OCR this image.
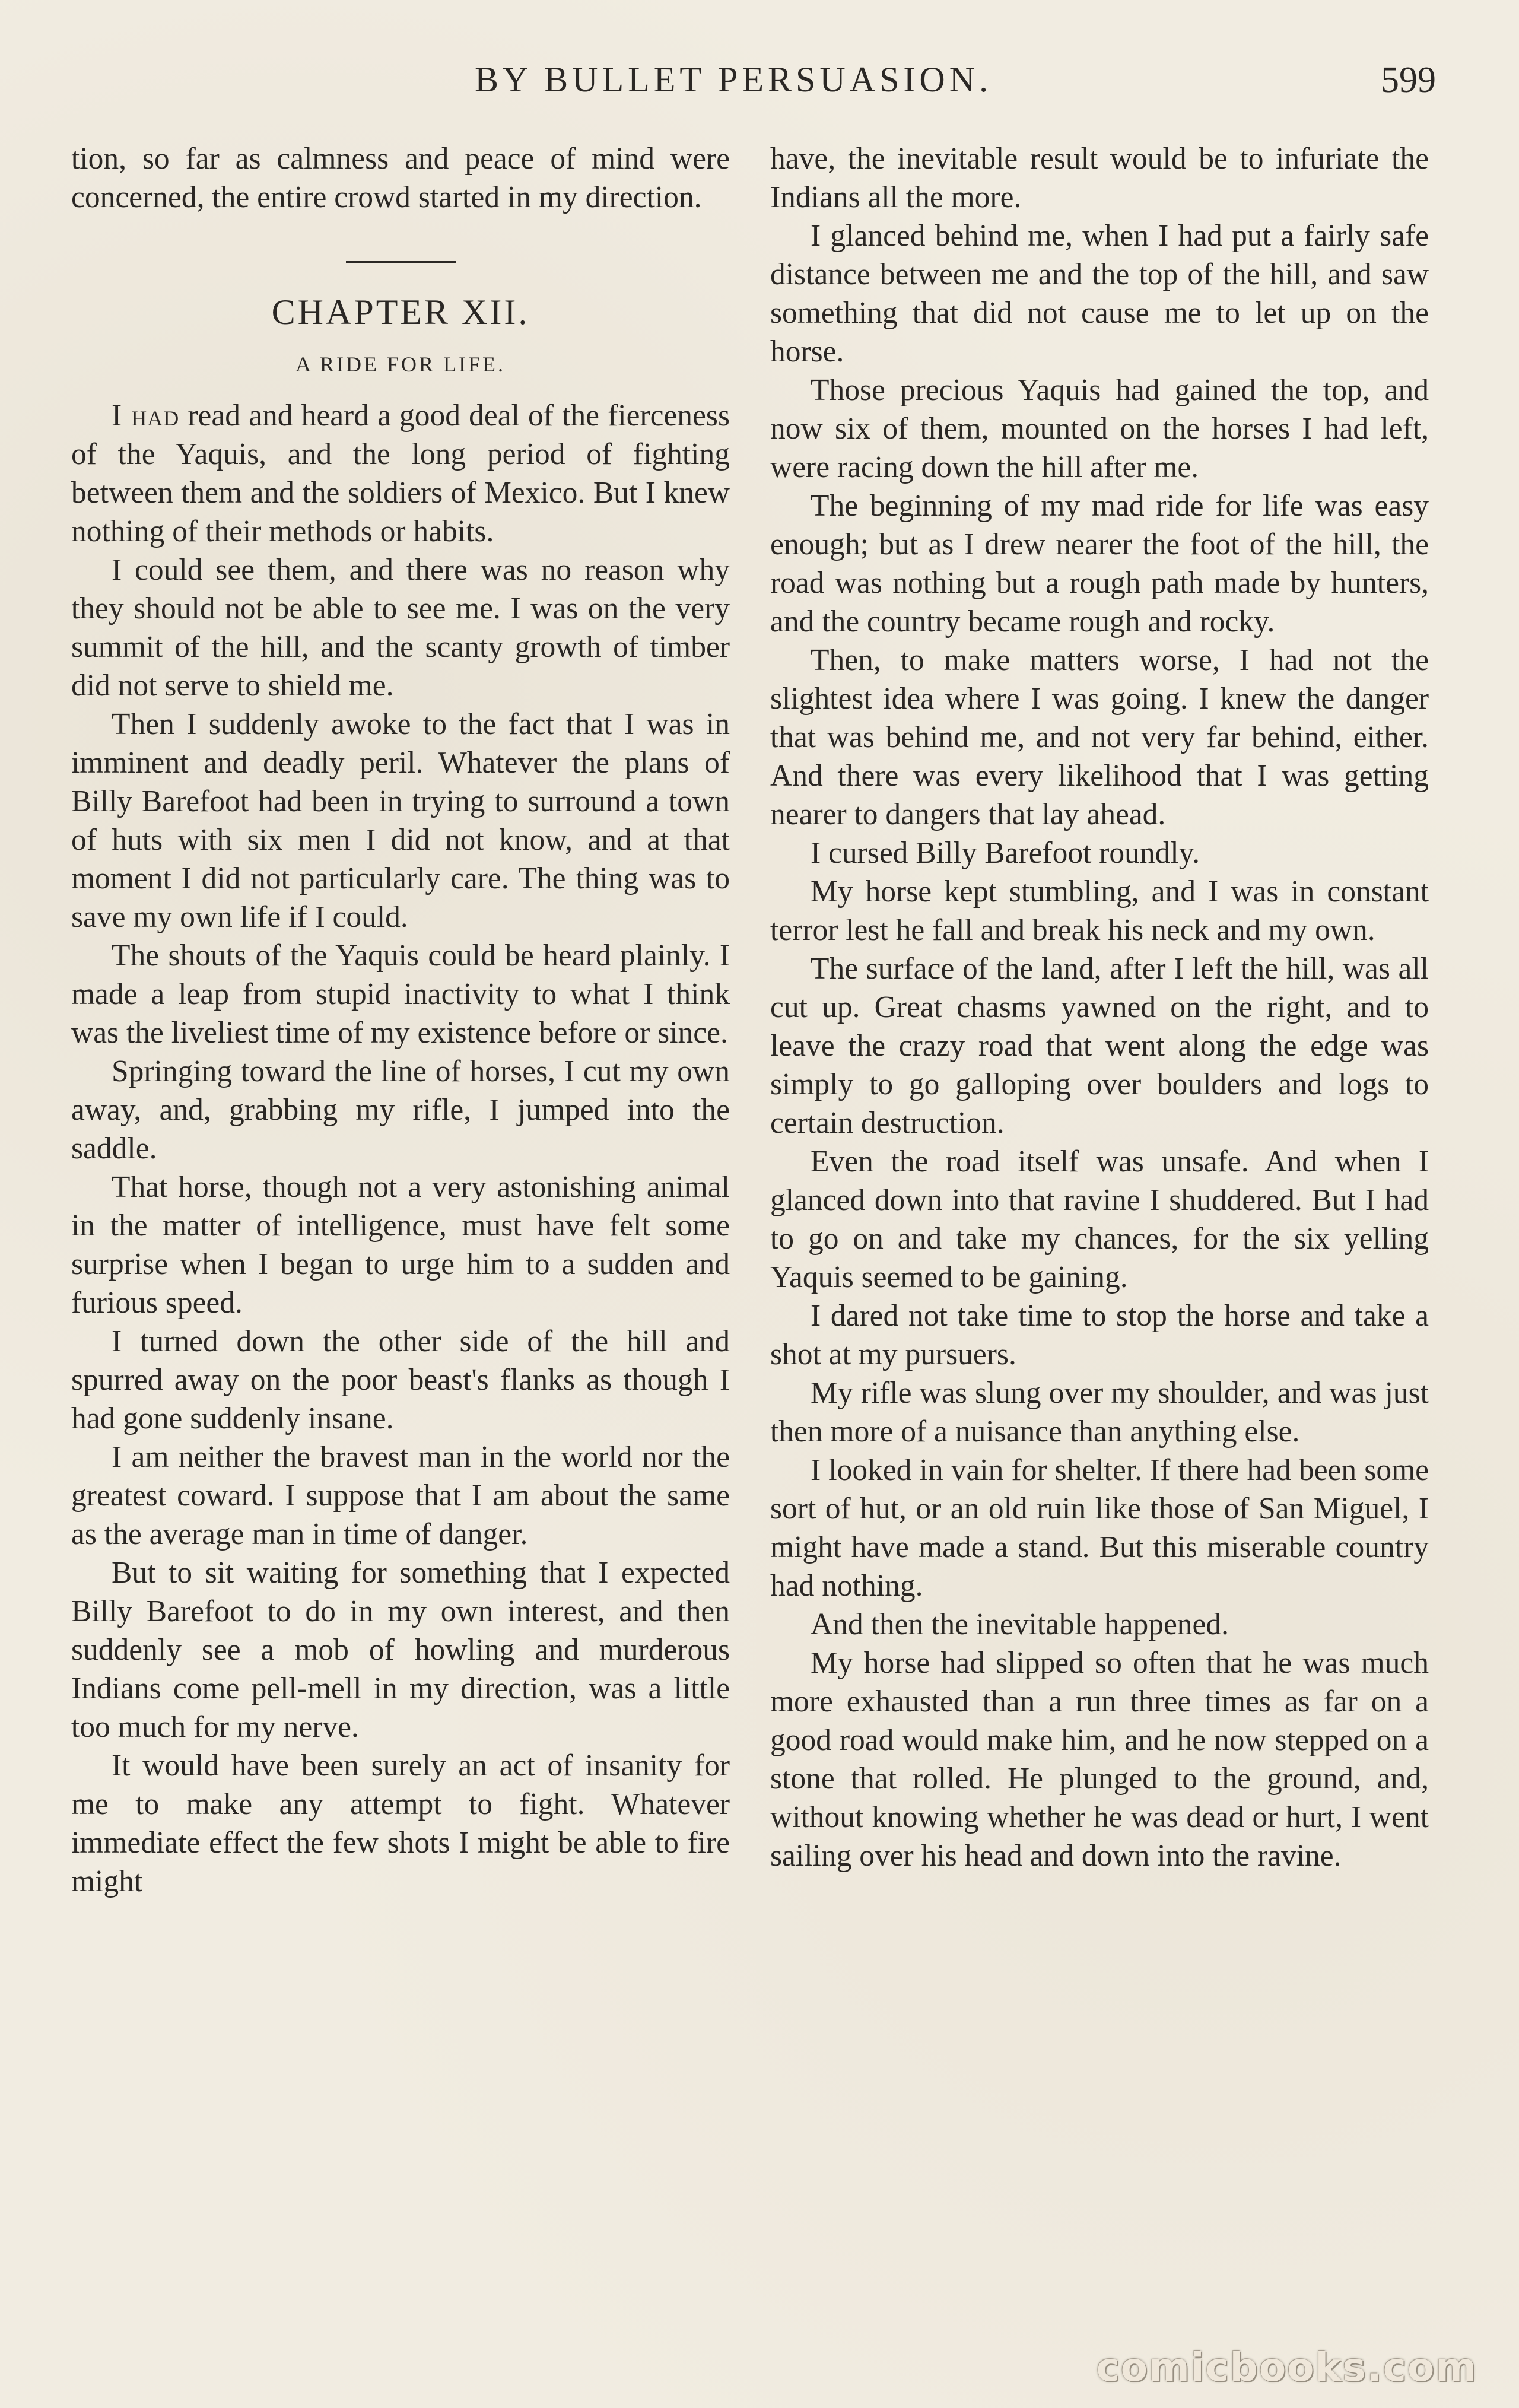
BY BULLET PERSUASION.	599

tion, so far as calmness and peace of mind were concerned, the entire crowd started in my direction.

CHAPTER XII.
A RIDE FOR LIFE.

I had read and heard a good deal of the fierceness of the Yaquis, and the long period of fighting between them and the soldiers of Mexico. But I knew nothing of their methods or habits.

I could see them, and there was no reason why they should not be able to see me. I was on the very summit of the hill, and the scanty growth of timber did not serve to shield me.

Then I suddenly awoke to the fact that I was in imminent and deadly peril. Whatever the plans of Billy Barefoot had been in trying to surround a town of huts with six men I did not know, and at that moment I did not particularly care. The thing was to save my own life if I could.

The shouts of the Yaquis could be heard plainly. I made a leap from stupid inactivity to what I think was the liveliest time of my existence before or since.

Springing toward the line of horses, I cut my own away, and, grabbing my rifle, I jumped into the saddle.

That horse, though not a very astonishing animal in the matter of intelligence, must have felt some surprise when I began to urge him to a sudden and furious speed.

I turned down the other side of the hill and spurred away on the poor beast's flanks as though I had gone suddenly insane.

I am neither the bravest man in the world nor the greatest coward. I suppose that I am about the same as the average man in time of danger.

But to sit waiting for something that I expected Billy Barefoot to do in my own interest, and then suddenly see a mob of howling and murderous Indians come pell-mell in my direction, was a little too much for my nerve.

It would have been surely an act of insanity for me to make any attempt to fight. Whatever immediate effect the few shots I might be able to fire might

have, the inevitable result would be to infuriate the Indians all the more.

I glanced behind me, when I had put a fairly safe distance between me and the top of the hill, and saw something that did not cause me to let up on the horse.

Those precious Yaquis had gained the top, and now six of them, mounted on the horses I had left, were racing down the hill after me.

The beginning of my mad ride for life was easy enough; but as I drew nearer the foot of the hill, the road was nothing but a rough path made by hunters, and the country became rough and rocky.

Then, to make matters worse, I had not the slightest idea where I was going. I knew the danger that was behind me, and not very far behind, either. And there was every likelihood that I was getting nearer to dangers that lay ahead.

I cursed Billy Barefoot roundly.

My horse kept stumbling, and I was in constant terror lest he fall and break his neck and my own.

The surface of the land, after I left the hill, was all cut up. Great chasms yawned on the right, and to leave the crazy road that went along the edge was simply to go galloping over boulders and logs to certain destruction.

Even the road itself was unsafe. And when I glanced down into that ravine I shuddered. But I had to go on and take my chances, for the six yelling Yaquis seemed to be gaining.

I dared not take time to stop the horse and take a shot at my pursuers.

My rifle was slung over my shoulder, and was just then more of a nuisance than anything else.

I looked in vain for shelter. If there had been some sort of hut, or an old ruin like those of San Miguel, I might have made a stand. But this miserable country had nothing.

And then the inevitable happened.

My horse had slipped so often that he was much more exhausted than a run three times as far on a good road would make him, and he now stepped on a stone that rolled. He plunged to the ground, and, without knowing whether he was dead or hurt, I went sailing over his head and down into the ravine.

comicbooks.com
